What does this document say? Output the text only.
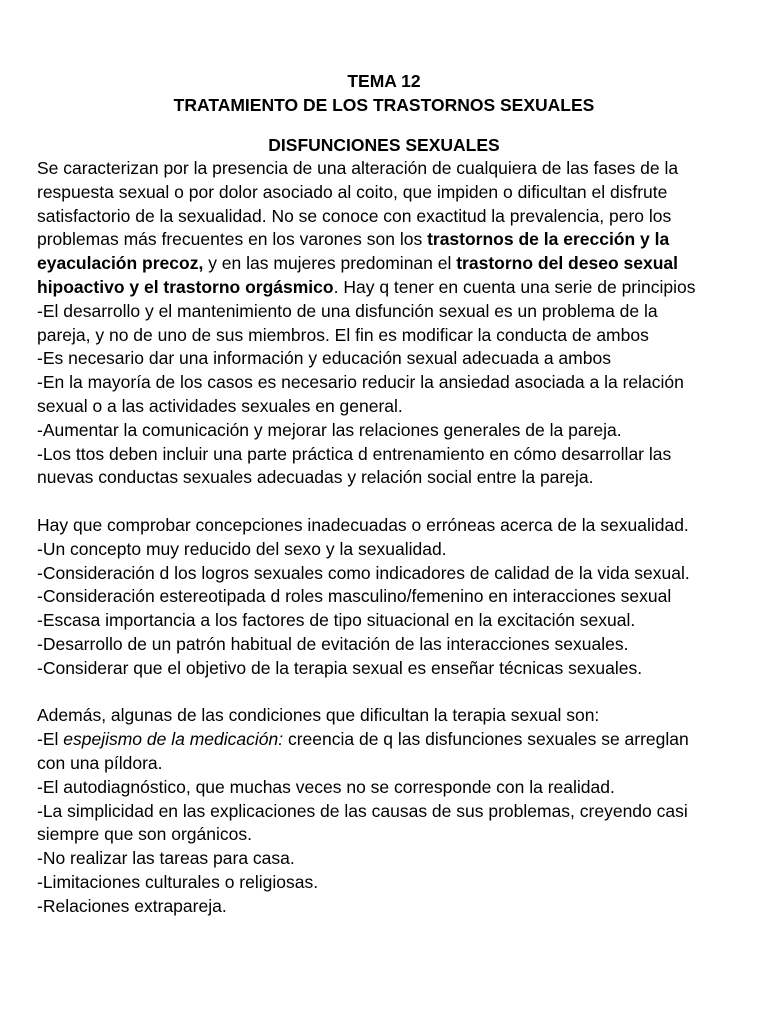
TEMA 12
TRATAMIENTO DE LOS TRASTORNOS SEXUALES
DISFUNCIONES SEXUALES
Se caracterizan por la presencia de una alteración de cualquiera de las fases de la
respuesta sexual o por dolor asociado al coito, que impiden o dificultan el disfrute
satisfactorio de la sexualidad. No se conoce con exactitud la prevalencia, pero los
problemas más frecuentes en los varones son los trastornos de la erección y la
eyaculación precoz, y en las mujeres predominan el trastorno del deseo sexual
hipoactivo y el trastorno orgásmico. Hay q tener en cuenta una serie de principios
-El desarrollo y el mantenimiento de una disfunción sexual es un problema de la
pareja, y no de uno de sus miembros. El fin es modificar la conducta de ambos
-Es necesario dar una información y educación sexual adecuada a ambos
-En la mayoría de los casos es necesario reducir la ansiedad asociada a la relación
sexual o a las actividades sexuales en general.
-Aumentar la comunicación y mejorar las relaciones generales de la pareja.
-Los ttos deben incluir una parte práctica d entrenamiento en cómo desarrollar las
nuevas conductas sexuales adecuadas y relación social entre la pareja.
Hay que comprobar concepciones inadecuadas o erróneas acerca de la sexualidad.
-Un concepto muy reducido del sexo y la sexualidad.
-Consideración d los logros sexuales como indicadores de calidad de la vida sexual.
-Consideración estereotipada d roles masculino/femenino en interacciones sexual
-Escasa importancia a los factores de tipo situacional en la excitación sexual.
-Desarrollo de un patrón habitual de evitación de las interacciones sexuales.
-Considerar que el objetivo de la terapia sexual es enseñar técnicas sexuales.
Además, algunas de las condiciones que dificultan la terapia sexual son:
-El espejismo de la medicación: creencia de q las disfunciones sexuales se arreglan
con una píldora.
-El autodiagnóstico, que muchas veces no se corresponde con la realidad.
-La simplicidad en las explicaciones de las causas de sus problemas, creyendo casi
siempre que son orgánicos.
-No realizar las tareas para casa.
-Limitaciones culturales o religiosas.
-Relaciones extrapareja.
